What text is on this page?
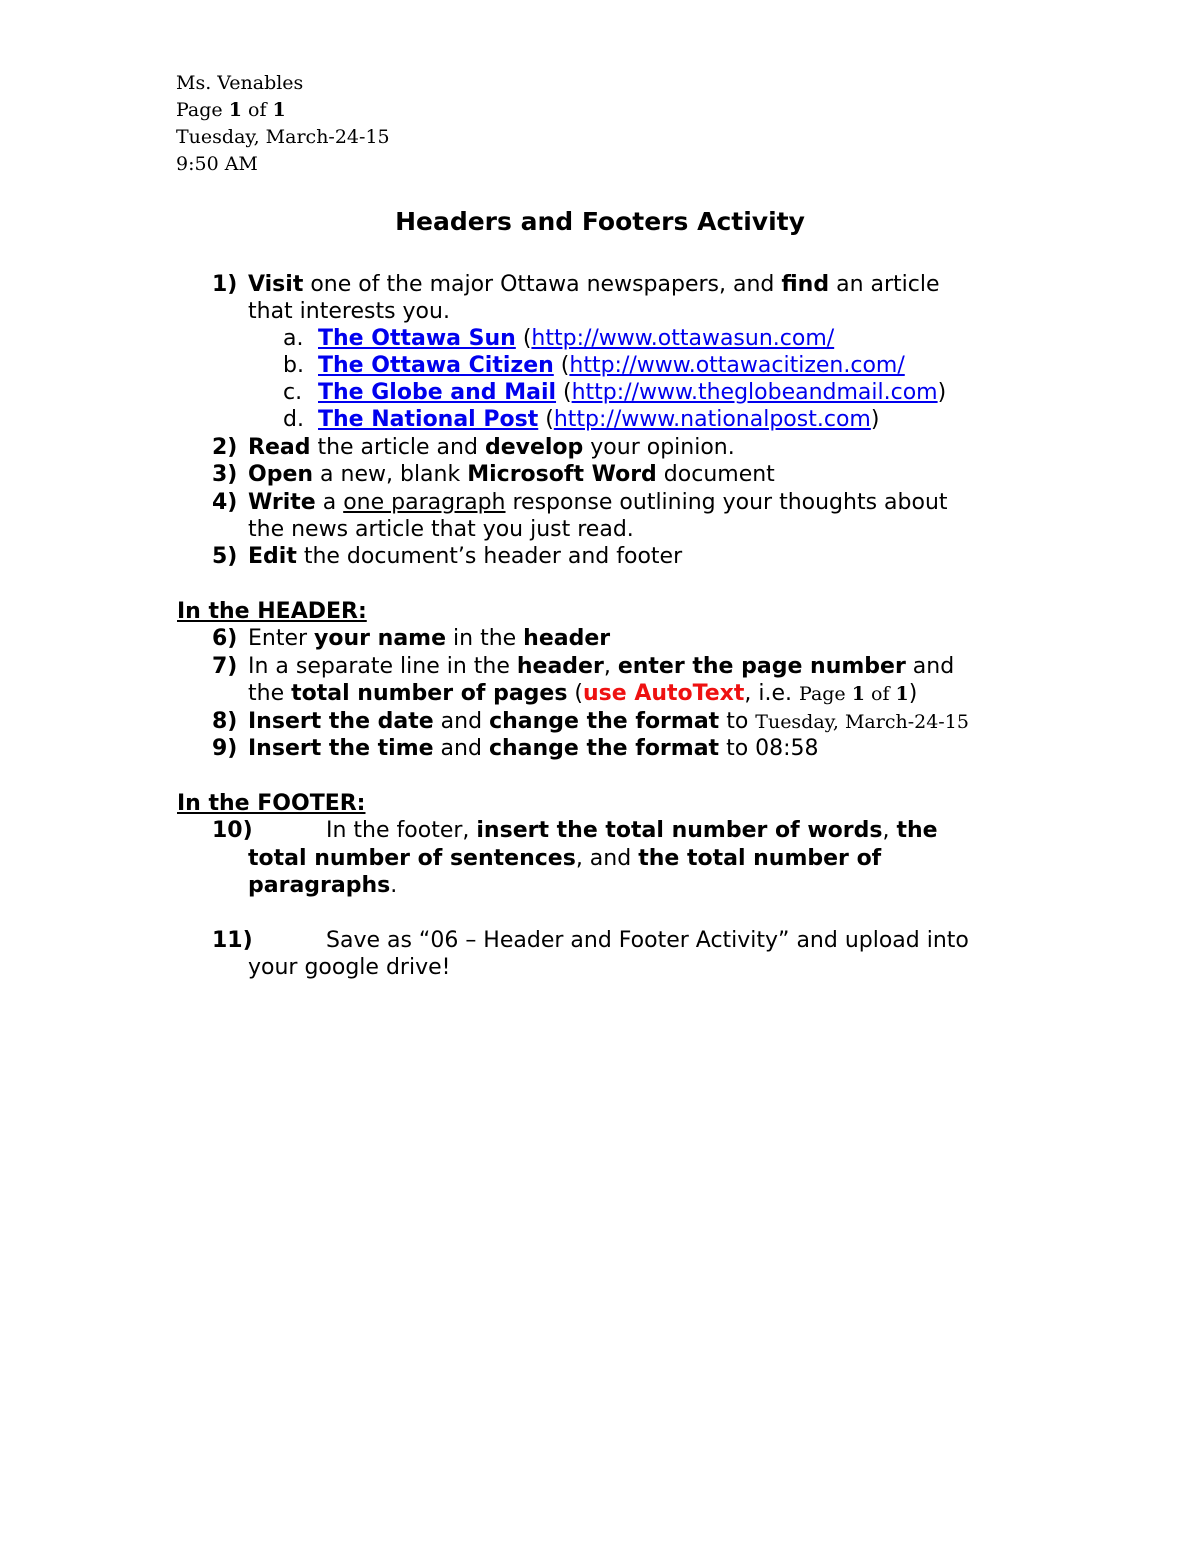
Ms. Venables
Page 1 of 1
Tuesday, March-24-15
9:50 AM
Headers and Footers Activity
1) Visit one of the major Ottawa newspapers, and find an article
that interests you.
a. The Ottawa Sun (http://www.ottawasun.com/
b. The Ottawa Citizen (http://www.ottawacitizen.com/
c. The Globe and Mail (http://www.theglobeandmail.com)
d. The National Post (http://www.nationalpost.com)
2) Read the article and develop your opinion.
3) Open a new, blank Microsoft Word document
4) Write a one paragraph response outlining your thoughts about
the news article that you just read.
5) Edit the document’s header and footer
In the HEADER:
6) Enter your name in the header
7) In a separate line in the header, enter the page number and
the total number of pages (use AutoText, i.e. Page 1 of 1)
8) Insert the date and change the format to Tuesday, March-24-15
9) Insert the time and change the format to 08:58
In the FOOTER:
10)	In the footer, insert the total number of words, the
total number of sentences, and the total number of
paragraphs.
11)	Save as “06 – Header and Footer Activity” and upload into
your google drive!
